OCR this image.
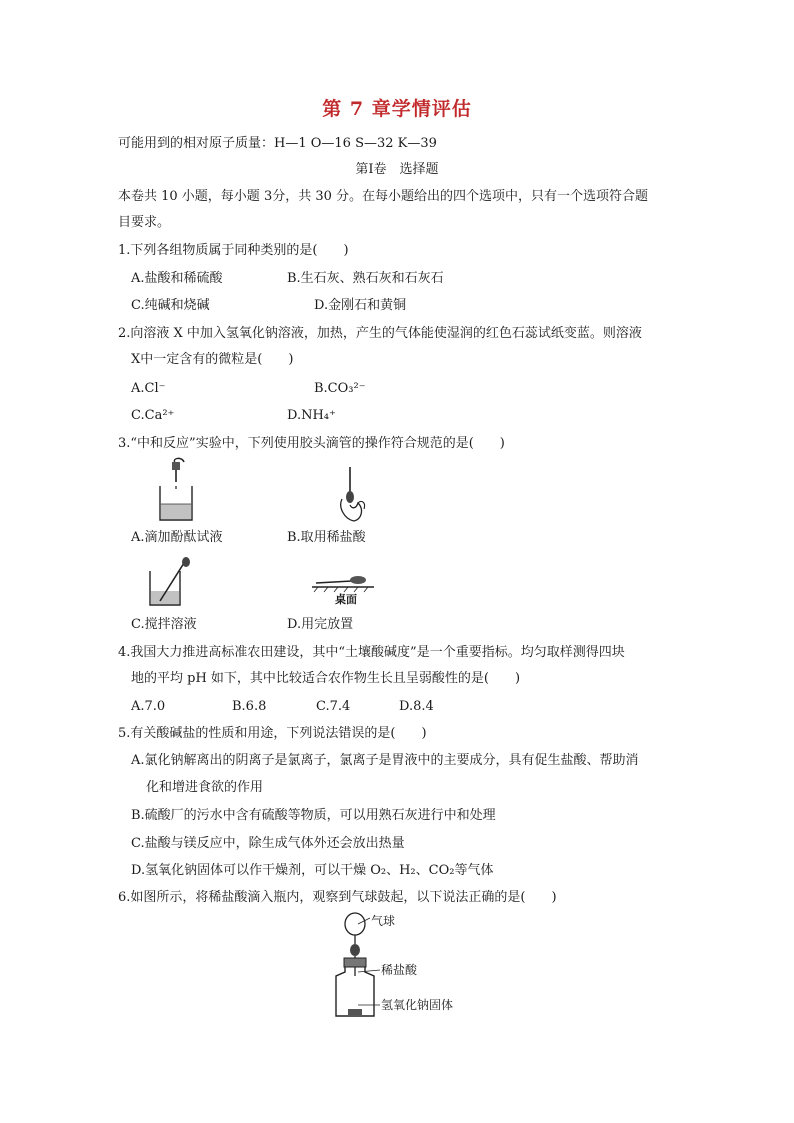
第 7 章学情评估
可能用到的相对原子质量：H—1 O—16 S—32 K—39
第Ⅰ卷　选择题
本卷共 10 小题，每小题 3分，共 30 分。在每小题给出的四个选项中，只有一个选项符合题
目要求。
1.下列各组物质属于同种类别的是(　　)
A.盐酸和稀硫酸	B.生石灰、熟石灰和石灰石
C.纯碱和烧碱	D.金刚石和黄铜
2.向溶液 X 中加入氢氧化钠溶液，加热，产生的气体能使湿润的红色石蕊试纸变蓝。则溶液
X中一定含有的微粒是(　　)
A.Cl⁻	B.CO₃²⁻
C.Ca²⁺	D.NH₄⁺
3.“中和反应”实验中，下列使用胶头滴管的操作符合规范的是(　　)
A.滴加酚酞试液	B.取用稀盐酸
桌面
C.搅拌溶液	D.用完放置
4.我国大力推进高标准农田建设，其中“土壤酸碱度”是一个重要指标。均匀取样测得四块
地的平均 pH 如下，其中比较适合农作物生长且呈弱酸性的是(　　)
A.7.0	B.6.8	C.7.4	D.8.4
5.有关酸碱盐的性质和用途，下列说法错误的是(　　)
A.氯化钠解离出的阴离子是氯离子，氯离子是胃液中的主要成分，具有促生盐酸、帮助消
化和增进食欲的作用
B.硫酸厂的污水中含有硫酸等物质，可以用熟石灰进行中和处理
C.盐酸与镁反应中，除生成气体外还会放出热量
D.氢氧化钠固体可以作干燥剂，可以干燥 O₂、H₂、CO₂等气体
6.如图所示，将稀盐酸滴入瓶内，观察到气球鼓起，以下说法正确的是(　　)
气球
稀盐酸
氢氧化钠固体
